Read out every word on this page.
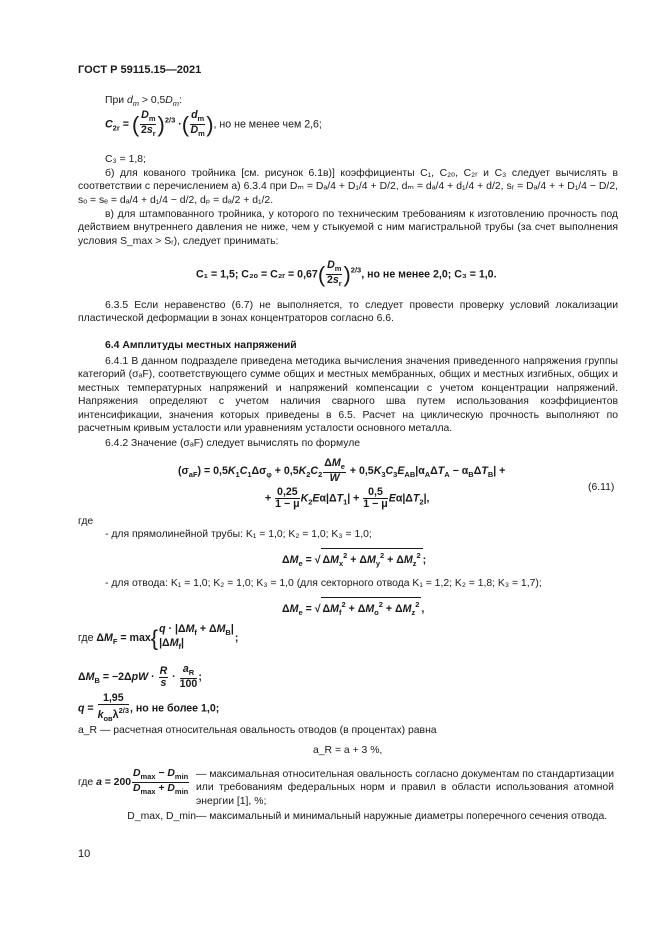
ГОСТ Р 59115.15—2021
При $d_m > 0,5D_m$:
$C_{2r}$ = ( $\frac{D_m}{2s_r} )^{2/3}$ ·( $\frac{d_m}{D_m}$ ), но не менее чем 2,6;
C₃ = 1,8;
б) для кованого тройника [см. рисунок 6.1в)] коэффициенты C₁, C₂ₒ, C₂ᵣ и C₃ следует вычислять в соответствии с перечислением а) 6.3.4 при Dₘ = Dₐ/4 + D₁/4 + D/2, dₘ = dₐ/4 + d₁/4 + d/2, sᵣ = Dₐ/4 + + D₁/4 − D/2, sₒ = sₑ = dₐ/4 + d₁/4 − d/2, dₚ = dₐ/2 + d₁/2.
в) для штампованного тройника, у которого по техническим требованиям к изготовлению прочность под действием внутреннего давления не ниже, чем у стыкуемой с ним магистральной трубы (за счет выполнения условия S_max > Sᵣ), следует принимать:
C₁ = 1,5; C₂ₒ = C₂ᵣ = $0,67( \frac{D_m}{2s_r} )^{2/3}$, но не менее 2,0; C₃ = 1,0.
6.3.5 Если неравенство (6.7) не выполняется, то следует провести проверку условий локализации пластической деформации в зонах концентраторов согласно 6.6.
6.4 Амплитуды местных напряжений
6.4.1 В данном подразделе приведена методика вычисления значения приведенного напряжения группы категорий (σₐF), соответствующего сумме общих и местных мембранных, общих и местных изгибных, общих и местных температурных напряжений и напряжений компенсации с учетом концентрации напряжений. Напряжения определяют с учетом наличия сварного шва путем использования коэффициентов интенсификации, значения которых приведены в 6.5. Расчет на циклическую прочность выполняют по расчетным кривым усталости или уравнениям усталости основного металла.
6.4.2 Значение (σₐF) следует вычислять по формуле
$(\sigma_{aF}) = 0,5K_1C_1\Delta\sigma_\varphi + 0,5K_2C_2 \frac{\Delta M_e}{W} + 0,5K_3C_3E_{AB}|\alpha_A\Delta T_A - \alpha_B\Delta T_B|$ +
+ $\frac{0,25}{1 - \mu} K_2E\alpha|\Delta T_1| + \frac{0,5}{1 - \mu} E\alpha|\Delta T_2|$,
(6.11)
где
- для прямолинейной трубы: K₁ = 1,0; K₂ = 1,0; K₃ = 1,0;
$\Delta M_e$ = √ $\Delta M_x^2 + \Delta M_y^2 + \Delta M_z^2$ ;
- для отвода: K₁ = 1,0; K₂ = 1,0; K₃ = 1,0 (для секторного отвода K₁ = 1,2; K₂ = 1,8; K₃ = 1,7);
$\Delta M_e$ = √ $\Delta M_f^2 + \Delta M_o^2 + \Delta M_z^2$ ,
где $\Delta M_F = \max${ $q \cdot |\Delta M_f + \Delta M_B|$
$|\Delta M_f|$	;
$\Delta M_B = -2\Delta pW \cdot \frac{R}{s} \cdot \frac{a_R}{100}$ ;
$q = \frac{1,95}{k_{ов}\lambda^{2/3}}$ , но не более 1,0;
a_R — расчетная относительная овальность отводов (в процентах) равна
a_R = a + 3 %,
где $a = 200 \frac{D_{max} - D_{min}}{D_{max} + D_{min}}$ — максимальная относительная овальность согласно документам по стандартизации или требованиям федеральных норм и правил в области использования атомной энергии [1], %;
D_max, D_min— максимальный и минимальный наружные диаметры поперечного сечения отвода.
10
